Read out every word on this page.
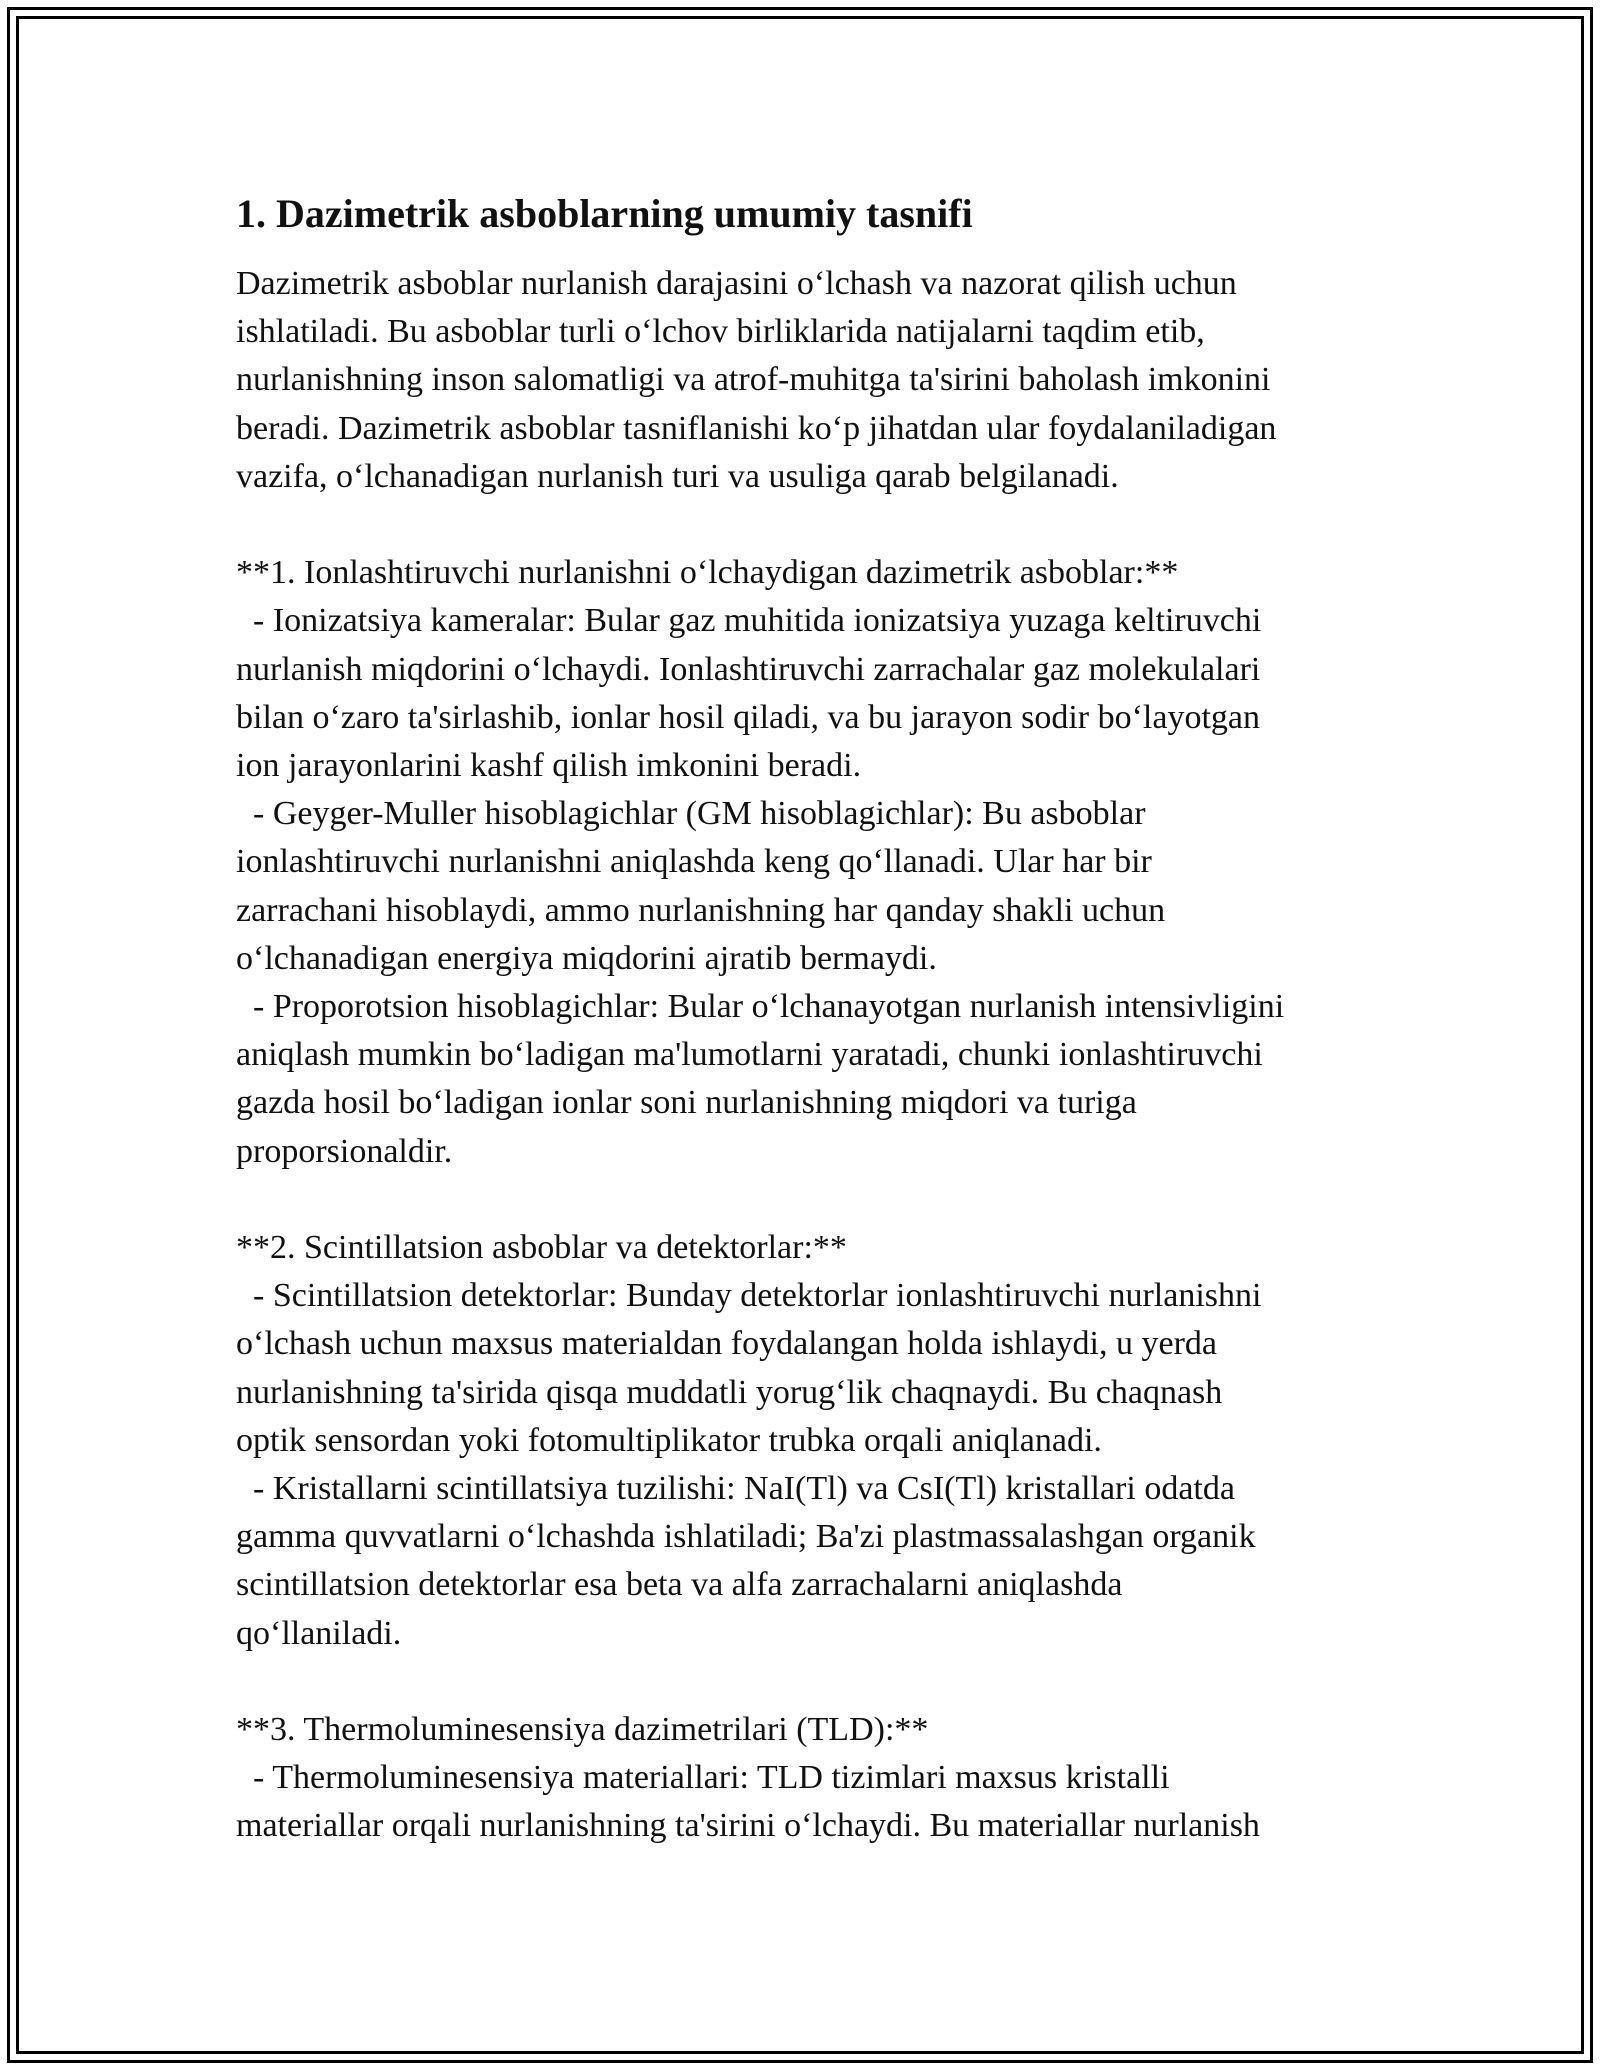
1. Dazimetrik asboblarning umumiy tasnifi
Dazimetrik asboblar nurlanish darajasini o‘lchash va nazorat qilish uchun
ishlatiladi. Bu asboblar turli o‘lchov birliklarida natijalarni taqdim etib,
nurlanishning inson salomatligi va atrof-muhitga ta'sirini baholash imkonini
beradi. Dazimetrik asboblar tasniflanishi ko‘p jihatdan ular foydalaniladigan
vazifa, o‘lchanadigan nurlanish turi va usuliga qarab belgilanadi.
**1. Ionlashtiruvchi nurlanishni o‘lchaydigan dazimetrik asboblar:**
- Ionizatsiya kameralar: Bular gaz muhitida ionizatsiya yuzaga keltiruvchi
nurlanish miqdorini o‘lchaydi. Ionlashtiruvchi zarrachalar gaz molekulalari
bilan o‘zaro ta'sirlashib, ionlar hosil qiladi, va bu jarayon sodir bo‘layotgan
ion jarayonlarini kashf qilish imkonini beradi.
- Geyger-Muller hisoblagichlar (GM hisoblagichlar): Bu asboblar
ionlashtiruvchi nurlanishni aniqlashda keng qo‘llanadi. Ular har bir
zarrachani hisoblaydi, ammo nurlanishning har qanday shakli uchun
o‘lchanadigan energiya miqdorini ajratib bermaydi.
- Proporotsion hisoblagichlar: Bular o‘lchanayotgan nurlanish intensivligini
aniqlash mumkin bo‘ladigan ma'lumotlarni yaratadi, chunki ionlashtiruvchi
gazda hosil bo‘ladigan ionlar soni nurlanishning miqdori va turiga
proporsionaldir.
**2. Scintillatsion asboblar va detektorlar:**
- Scintillatsion detektorlar: Bunday detektorlar ionlashtiruvchi nurlanishni
o‘lchash uchun maxsus materialdan foydalangan holda ishlaydi, u yerda
nurlanishning ta'sirida qisqa muddatli yorug‘lik chaqnaydi. Bu chaqnash
optik sensordan yoki fotomultiplikator trubka orqali aniqlanadi.
- Kristallarni scintillatsiya tuzilishi: NaI(Tl) va CsI(Tl) kristallari odatda
gamma quvvatlarni o‘lchashda ishlatiladi; Ba'zi plastmassalashgan organik
scintillatsion detektorlar esa beta va alfa zarrachalarni aniqlashda
qo‘llaniladi.
**3. Thermoluminesensiya dazimetrilari (TLD):**
- Thermoluminesensiya materiallari: TLD tizimlari maxsus kristalli
materiallar orqali nurlanishning ta'sirini o‘lchaydi. Bu materiallar nurlanish
